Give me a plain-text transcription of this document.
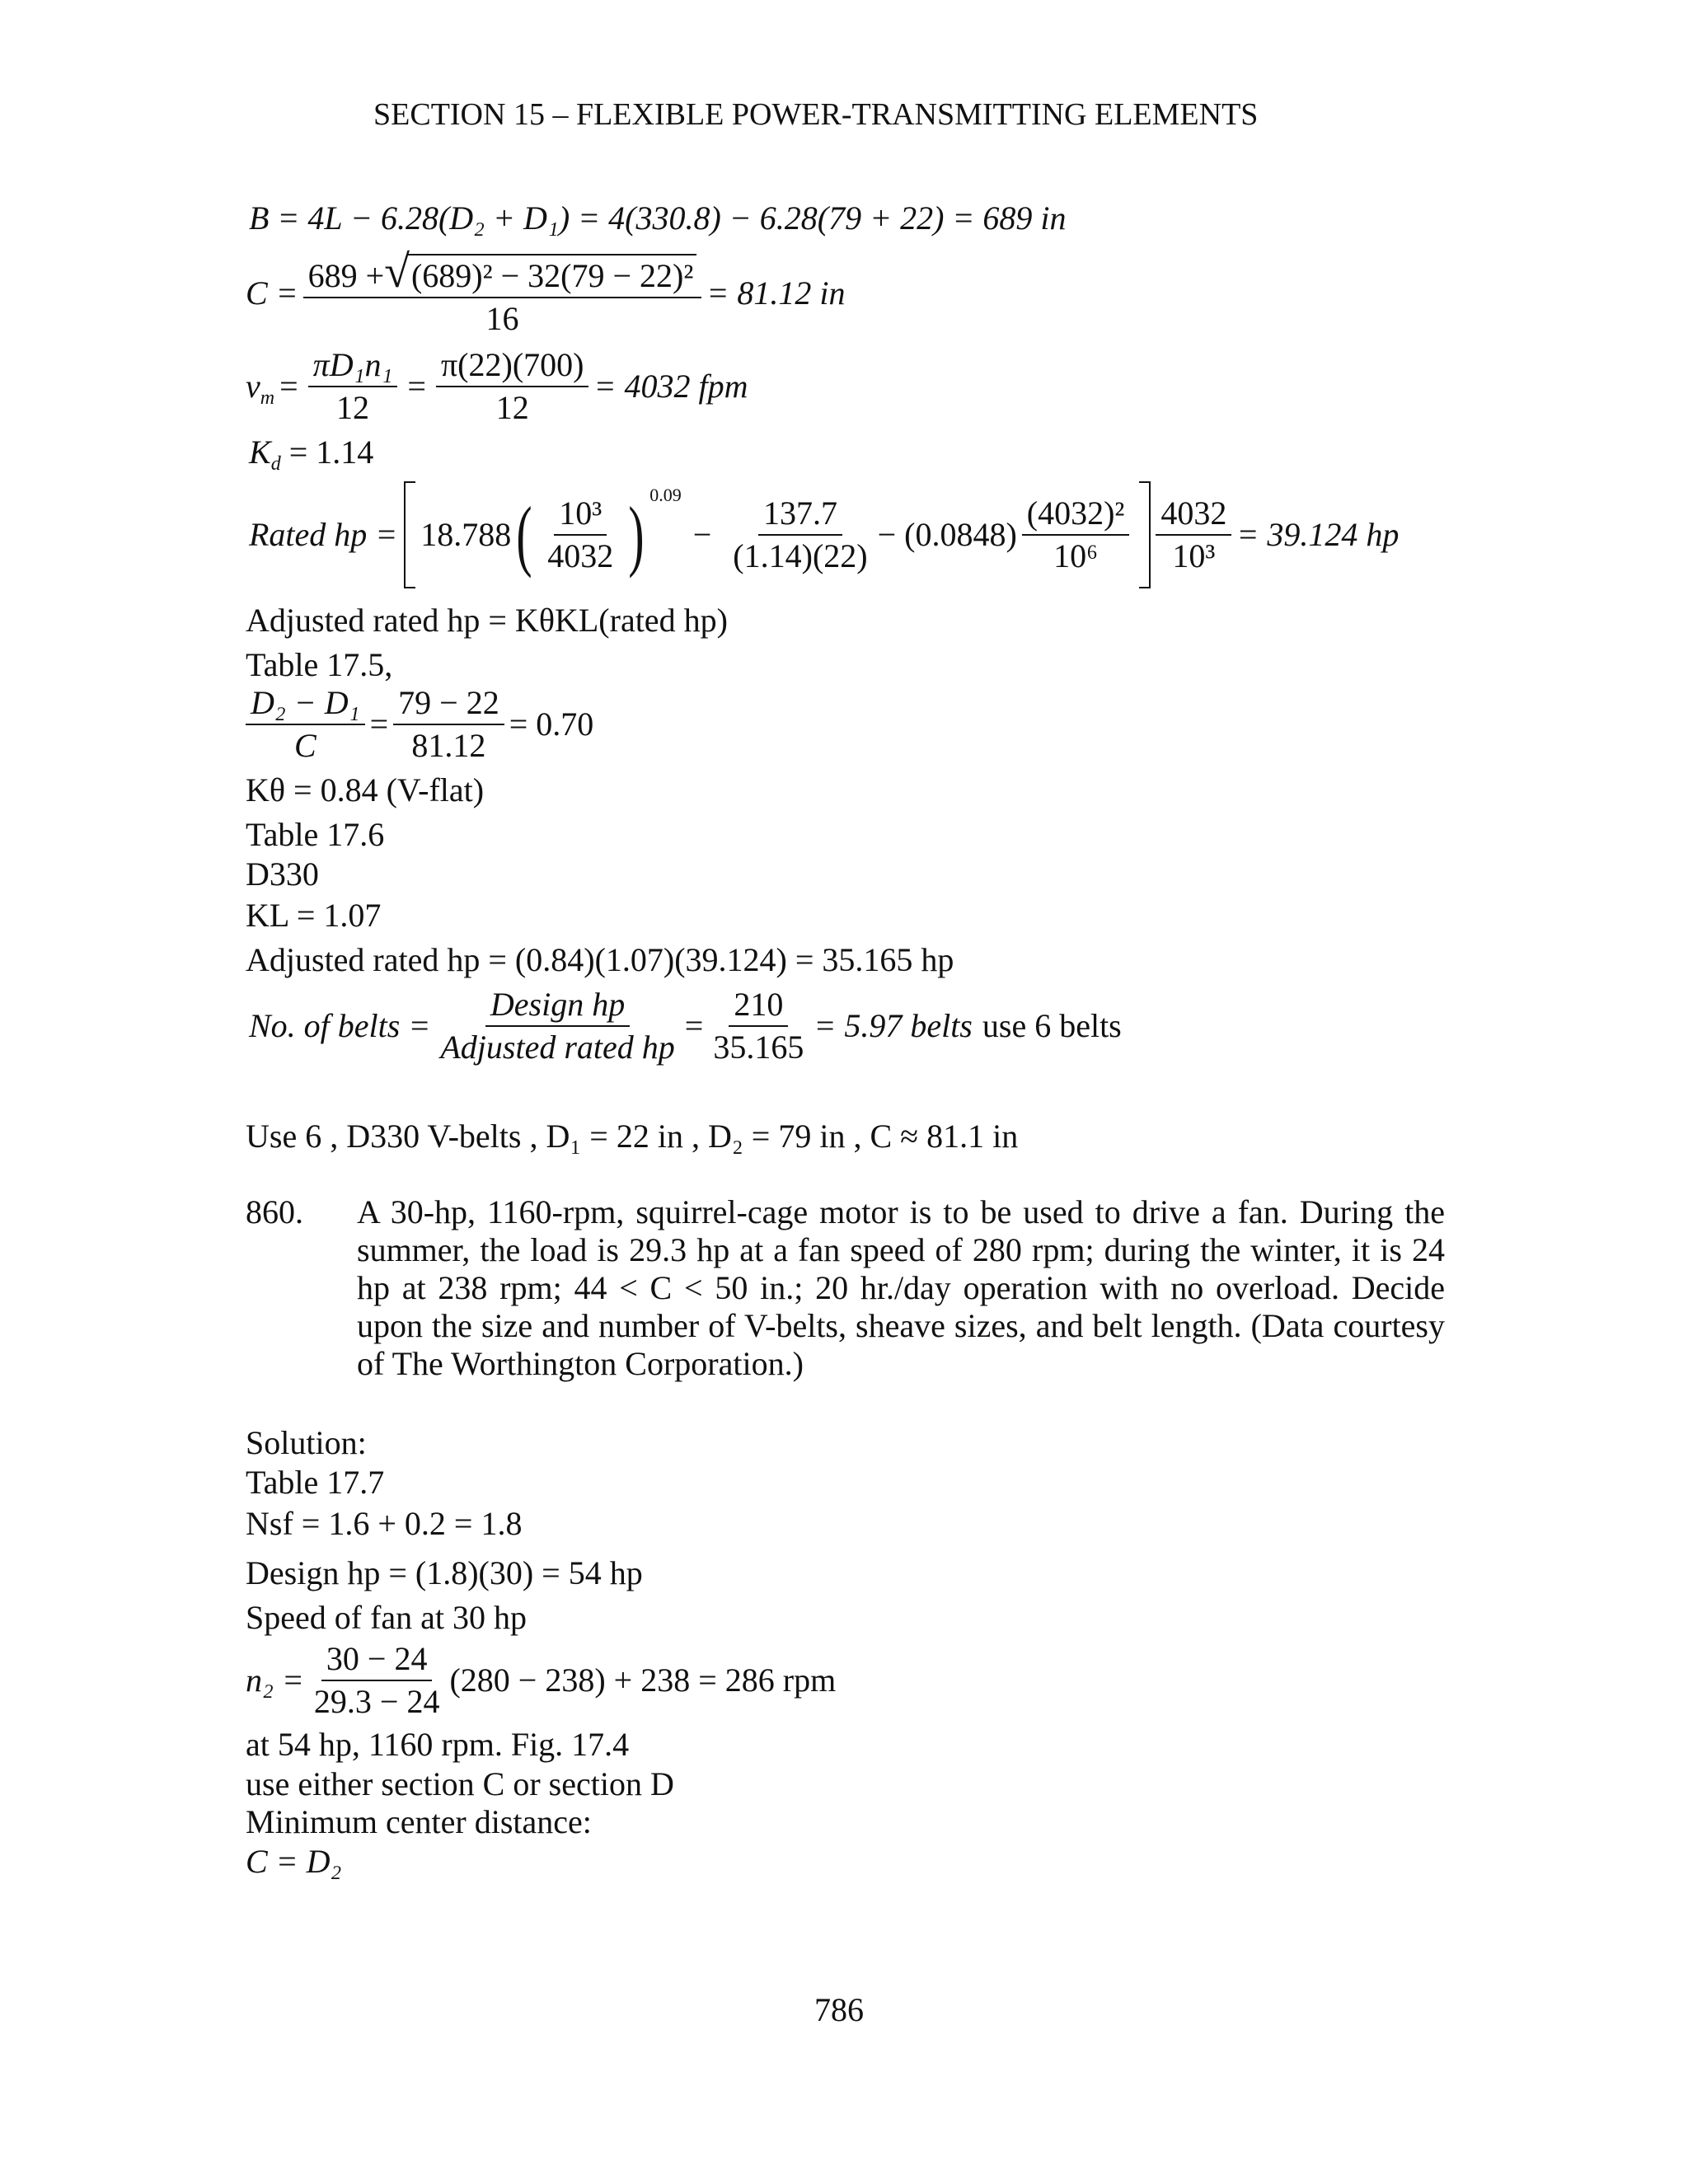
SECTION 15 – FLEXIBLE POWER-TRANSMITTING ELEMENTS
B = 4L − 6.28(D₂ + D₁) = 4(330.8) − 6.28(79 + 22) = 689 in
$C = \frac{\text{689 + √ (689)² − 32(79 − 22)²}}{16} = 81.12$ in
$v_m = \frac{\text{πD₁n₁}}{12} = \frac{\pi(22)(700)}{12} = 4032$ fpm
$K_d = 1.14$
Rated hp = 18.788 ( $\frac{\text{10³}}{4032}$ ) 0.09
− $\frac{137.7}{(1.14)(22)} - (0.0848) \frac{\text{(4032)²}}{\text{10⁶}} \frac{4032}{\text{10³}} = 39.124$ hp
Adjusted rated hp = KθKL(rated hp)
Table 17.5,
$\frac{\text{D₂ − D₁}}{C} = \frac{79 - 22}{81.12} = 0.70$
Kθ = 0.84 (V-flat)
Table 17.6
D330
KL = 1.07
Adjusted rated hp = (0.84)(1.07)(39.124) = 35.165 hp
No. of belts = $\frac{\text{Design hp}}{\text{Adjusted rated hp}} = \frac{210}{35.165} = 5.97$ belts use 6 belts
Use 6 , D330 V-belts , D₁ = 22 in , D₂ = 79 in , C ≈ 81.1 in
860. A 30-hp, 1160-rpm, squirrel-cage motor is to be used to drive a fan. During the summer, the load is 29.3 hp at a fan speed of 280 rpm; during the winter, it is 24 hp at 238 rpm; 44 < C < 50 in.; 20 hr./day operation with no overload. Decide upon the size and number of V-belts, sheave sizes, and belt length. (Data courtesy of The Worthington Corporation.)
Solution:
Table 17.7
Nsf = 1.6 + 0.2 = 1.8
Design hp = (1.8)(30) = 54 hp
Speed of fan at 30 hp
$n_2 = \frac{30 - 24}{29.3 - 24} (280 - 238) + 238 = 286$ rpm
at 54 hp, 1160 rpm. Fig. 17.4
use either section C or section D
Minimum center distance:
C = D₂
786
